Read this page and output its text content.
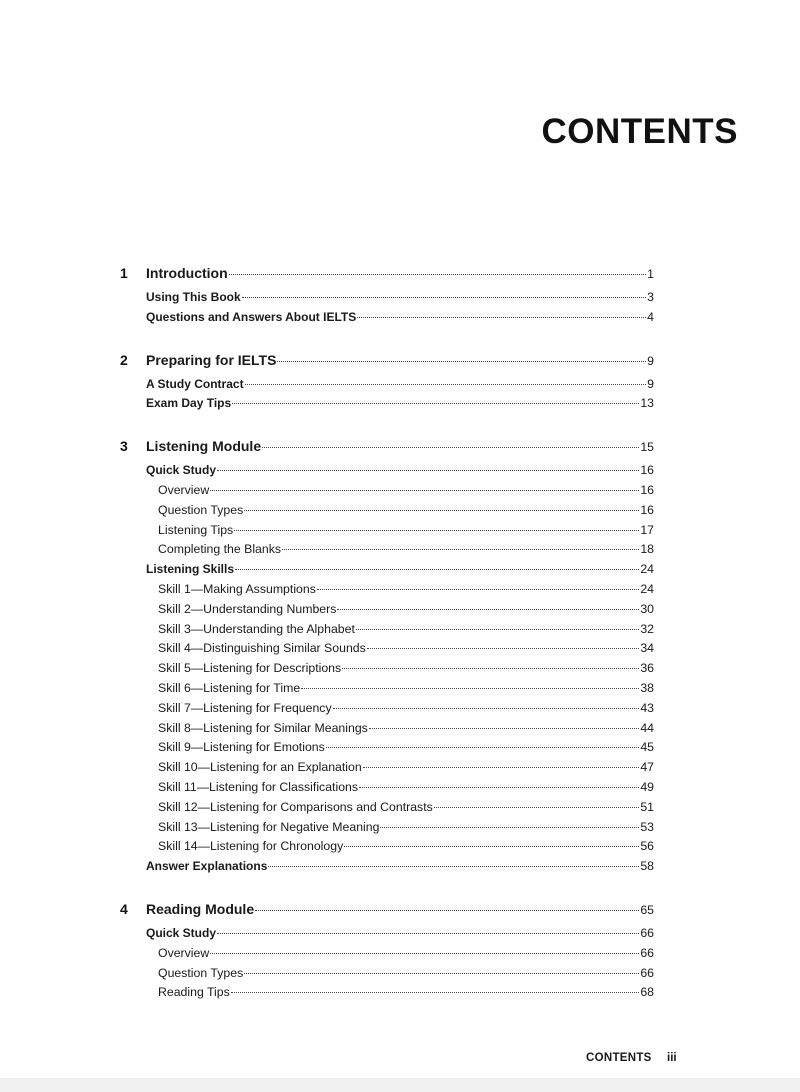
CONTENTS
1 Introduction	1
Using This Book	3
Questions and Answers About IELTS	4
2 Preparing for IELTS	9
A Study Contract	9
Exam Day Tips	13
3 Listening Module	15
Quick Study	16
Overview	16
Question Types	16
Listening Tips	17
Completing the Blanks	18
Listening Skills	24
Skill 1—Making Assumptions	24
Skill 2—Understanding Numbers	30
Skill 3—Understanding the Alphabet	32
Skill 4—Distinguishing Similar Sounds	34
Skill 5—Listening for Descriptions	36
Skill 6—Listening for Time	38
Skill 7—Listening for Frequency	43
Skill 8—Listening for Similar Meanings	44
Skill 9—Listening for Emotions	45
Skill 10—Listening for an Explanation	47
Skill 11—Listening for Classifications	49
Skill 12—Listening for Comparisons and Contrasts	51
Skill 13—Listening for Negative Meaning	53
Skill 14—Listening for Chronology	56
Answer Explanations	58
4 Reading Module	65
Quick Study	66
Overview	66
Question Types	66
Reading Tips	68
CONTENTS iii
